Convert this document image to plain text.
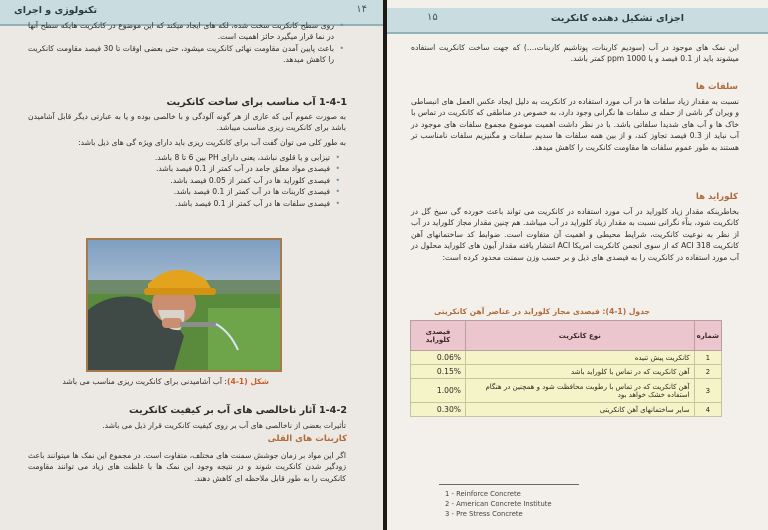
۱۴
تکنولوژی و اجرای
• روی سطح کانکریت سخت شده، لکه های ایجاد میکند که این موضوع در کانکریت هایکه سطح آنها در نما قرار میگیرد حائز اهمیت است.
• باعث پایین آمدن مقاومت نهائی کانکریت میشود، حتی بعضی اوقات تا 30 فیصد مقاومت کانکریت را کاهش میدهد.
1-4-1 آب مناسب برای ساخت کانکریت

به صورت عموم آبی که عاری از هر گونه آلودگی و با خالصی بوده و یا به عبارتی دیگر قابل آشامیدن باشد برای کانکریت ریزی مناسب میباشد.

به طور کلی می توان گفت آب برای کانکریت ریزی باید دارای ویژه گی های ذیل باشد:

• تیزابی و یا قلوی نباشد، یعنی دارای PH بین 6 تا 8 باشد.
• فیصدی مواد معلق جامد در آب کمتر از 0.1 فیصد باشد.
• فیصدی کلوراید ها در آب کمتر از 0.05 فیصد باشد.
• فیصدی کاربنات ها در آب کمتر از 0.1 فیصد باشد.
• فیصدی سلفات ها در آب کمتر از 0.1 فیصد باشد.
شکل (1-4): آب آشامیدنی برای کانکریت ریزی مناسب می باشد
1-4-2 آثار ناخالصی های آب بر کیفیت کانکریت

تأثیرات بعضی از ناخالصی های آب بر روی کیفیت کانکریت قرار ذیل می باشد.

کاربنات های القلی

اگر این مواد بر زمان جوشش سمنت های مختلف، متفاوت است. در مجموع این نمک ها میتوانند باعث زودگیر شدن کانکریت شوند و در نتیجه وجود این نمک ها با غلظت های زیاد می توانند مقاومت کانکریت را به طور قابل ملاحظه ای کاهش دهند.

اجزای تشکیل دهنده کانکریت
۱۵

این نمک های موجود در آب (سودیم کاربنات، پوتاشیم کاربنات،...) که جهت ساخت کانکریت استفاده میشوند باید از 0.1 فیصد و یا 1000 ppm کمتر باشد.

سلفات ها

نسبت به مقدار زیاد سلفات ها در آب مورد استفاده در کانکریت به دلیل ایجاد عکس العمل های انبساطی و ویران گر ناشی از حمله ی سلفات ها نگرانی وجود دارد، به خصوص در مناطقی که کانکریت در تماس با خاک ها و آب های شدیدا سلفاتی باشد. با در نظر داشت اهمیت موضوع مجموع سلفات های موجود در آب نباید از 0.3 فیصد تجاوز کند، و از بین همه سلفات ها سدیم سلفات و مگنیزیم سلفات نامناسب تر هستند به طور عموم سلفات ها مقاومت کانکریت را کاهش میدهد.

کلوراید ها

بخاطرینکه مقدار زیاد کلوراید در آب مورد استفاده در کانکریت می تواند باعث خورده گی سیخ گل در کانکریت شود، بناًء نگرانی نسبت به مقدار زیاد کلوراید در آب میباشد. هم چنین مقدار مجاز کلوراید در آب از نظر به نوعیت کانکریت، شرایط محیطی و اهمیت آن متفاوت است. ضوابط کد ساختمانهای آهن کانکریت ACI 318 که از سوی انجمن کانکریت امریکا ACI انتشار یافته مقدار آیون های کلوراید محلول در آب مورد استفاده در کانکریت را به فیصدی های ذیل و بر حسب وزن سمنت محدود کرده است:

جدول (1-4): فیصدی مجاز کلوراید در عناصر آهن کانکریتی
شماره	نوع کانکریت	فیصدی کلوراید
1	کانکریت پیش تنیده	0.06%
2	آهن کانکریت که در تماس با کلوراید باشد	0.15%
3	آهن کانکریت که در تماس با رطوبت محافظت شود و همچنین در هنگام استفاده خشک خواهد بود	1.00%
4	سایر ساختمانهای آهن کانکریتی	0.30%
1 - Reinforce Concrete
2 - American Concrete Institute
3 - Pre Stress Concrete
